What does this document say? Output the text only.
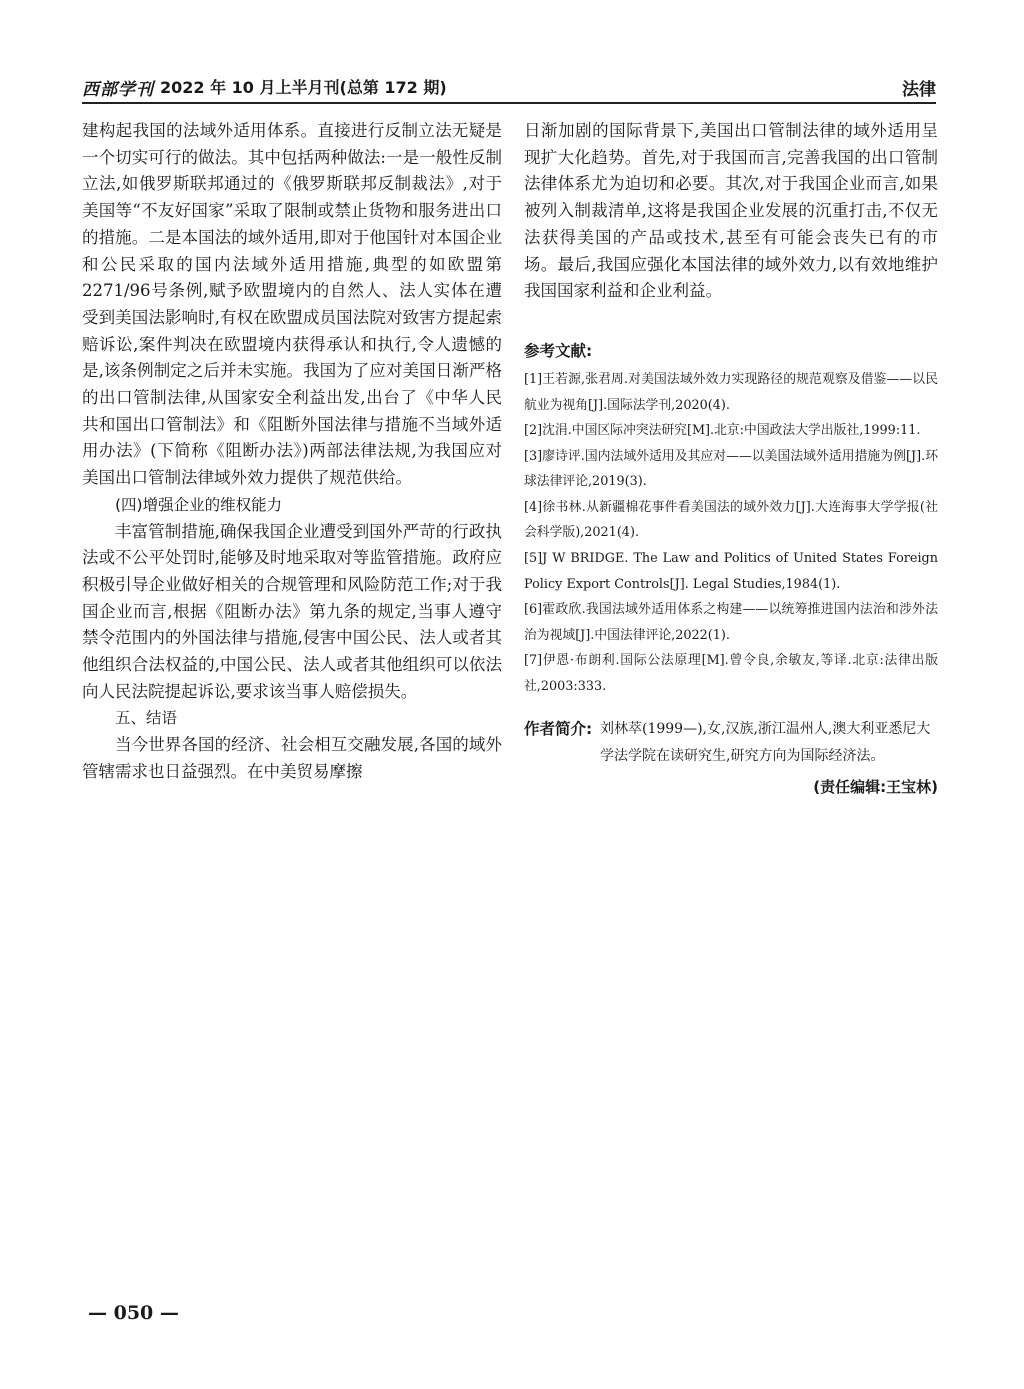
西部学刊 2022 年 10 月上半月刊(总第 172 期)	法律

建构起我国的法域外适用体系。直接进行反制立法无疑是一个切实可行的做法。其中包括两种做法:一是一般性反制立法,如俄罗斯联邦通过的《俄罗斯联邦反制裁法》,对于美国等“不友好国家”采取了限制或禁止货物和服务进出口的措施。二是本国法的域外适用,即对于他国针对本国企业和公民采取的国内法域外适用措施,典型的如欧盟第2271/96号条例,赋予欧盟境内的自然人、法人实体在遭受到美国法影响时,有权在欧盟成员国法院对致害方提起索赔诉讼,案件判决在欧盟境内获得承认和执行,令人遗憾的是,该条例制定之后并未实施。我国为了应对美国日渐严格的出口管制法律,从国家安全利益出发,出台了《中华人民共和国出口管制法》和《阻断外国法律与措施不当域外适用办法》(下简称《阻断办法》)两部法律法规,为我国应对美国出口管制法律域外效力提供了规范供给。

(四)增强企业的维权能力

丰富管制措施,确保我国企业遭受到国外严苛的行政执法或不公平处罚时,能够及时地采取对等监管措施。政府应积极引导企业做好相关的合规管理和风险防范工作;对于我国企业而言,根据《阻断办法》第九条的规定,当事人遵守禁令范围内的外国法律与措施,侵害中国公民、法人或者其他组织合法权益的,中国公民、法人或者其他组织可以依法向人民法院提起诉讼,要求该当事人赔偿损失。

五、结语

当今世界各国的经济、社会相互交融发展,各国的域外管辖需求也日益强烈。在中美贸易摩擦

日渐加剧的国际背景下,美国出口管制法律的域外适用呈现扩大化趋势。首先,对于我国而言,完善我国的出口管制法律体系尤为迫切和必要。其次,对于我国企业而言,如果被列入制裁清单,这将是我国企业发展的沉重打击,不仅无法获得美国的产品或技术,甚至有可能会丧失已有的市场。最后,我国应强化本国法律的域外效力,以有效地维护我国国家利益和企业利益。

参考文献:

[1]王若源,张君周.对美国法域外效力实现路径的规范观察及借鉴——以民航业为视角[J].国际法学刊,2020(4).

[2]沈涓.中国区际冲突法研究[M].北京:中国政法大学出版社,1999:11.

[3]廖诗评.国内法域外适用及其应对——以美国法域外适用措施为例[J].环球法律评论,2019(3).

[4]徐书林.从新疆棉花事件看美国法的域外效力[J].大连海事大学学报(社会科学版),2021(4).

[5]J W BRIDGE. The Law and Politics of United States Foreign Policy Export Controls[J]. Legal Studies,1984(1).

[6]霍政欣.我国法域外适用体系之构建——以统筹推进国内法治和涉外法治为视域[J].中国法律评论,2022(1).

[7]伊恩·布朗利.国际公法原理[M].曾令良,余敏友,等译.北京:法律出版社,2003:333.

作者简介: 刘林萃(1999—),女,汉族,浙江温州人,澳大利亚悉尼大学法学院在读研究生,研究方向为国际经济法。
(责任编辑:王宝林)
— 050 —
